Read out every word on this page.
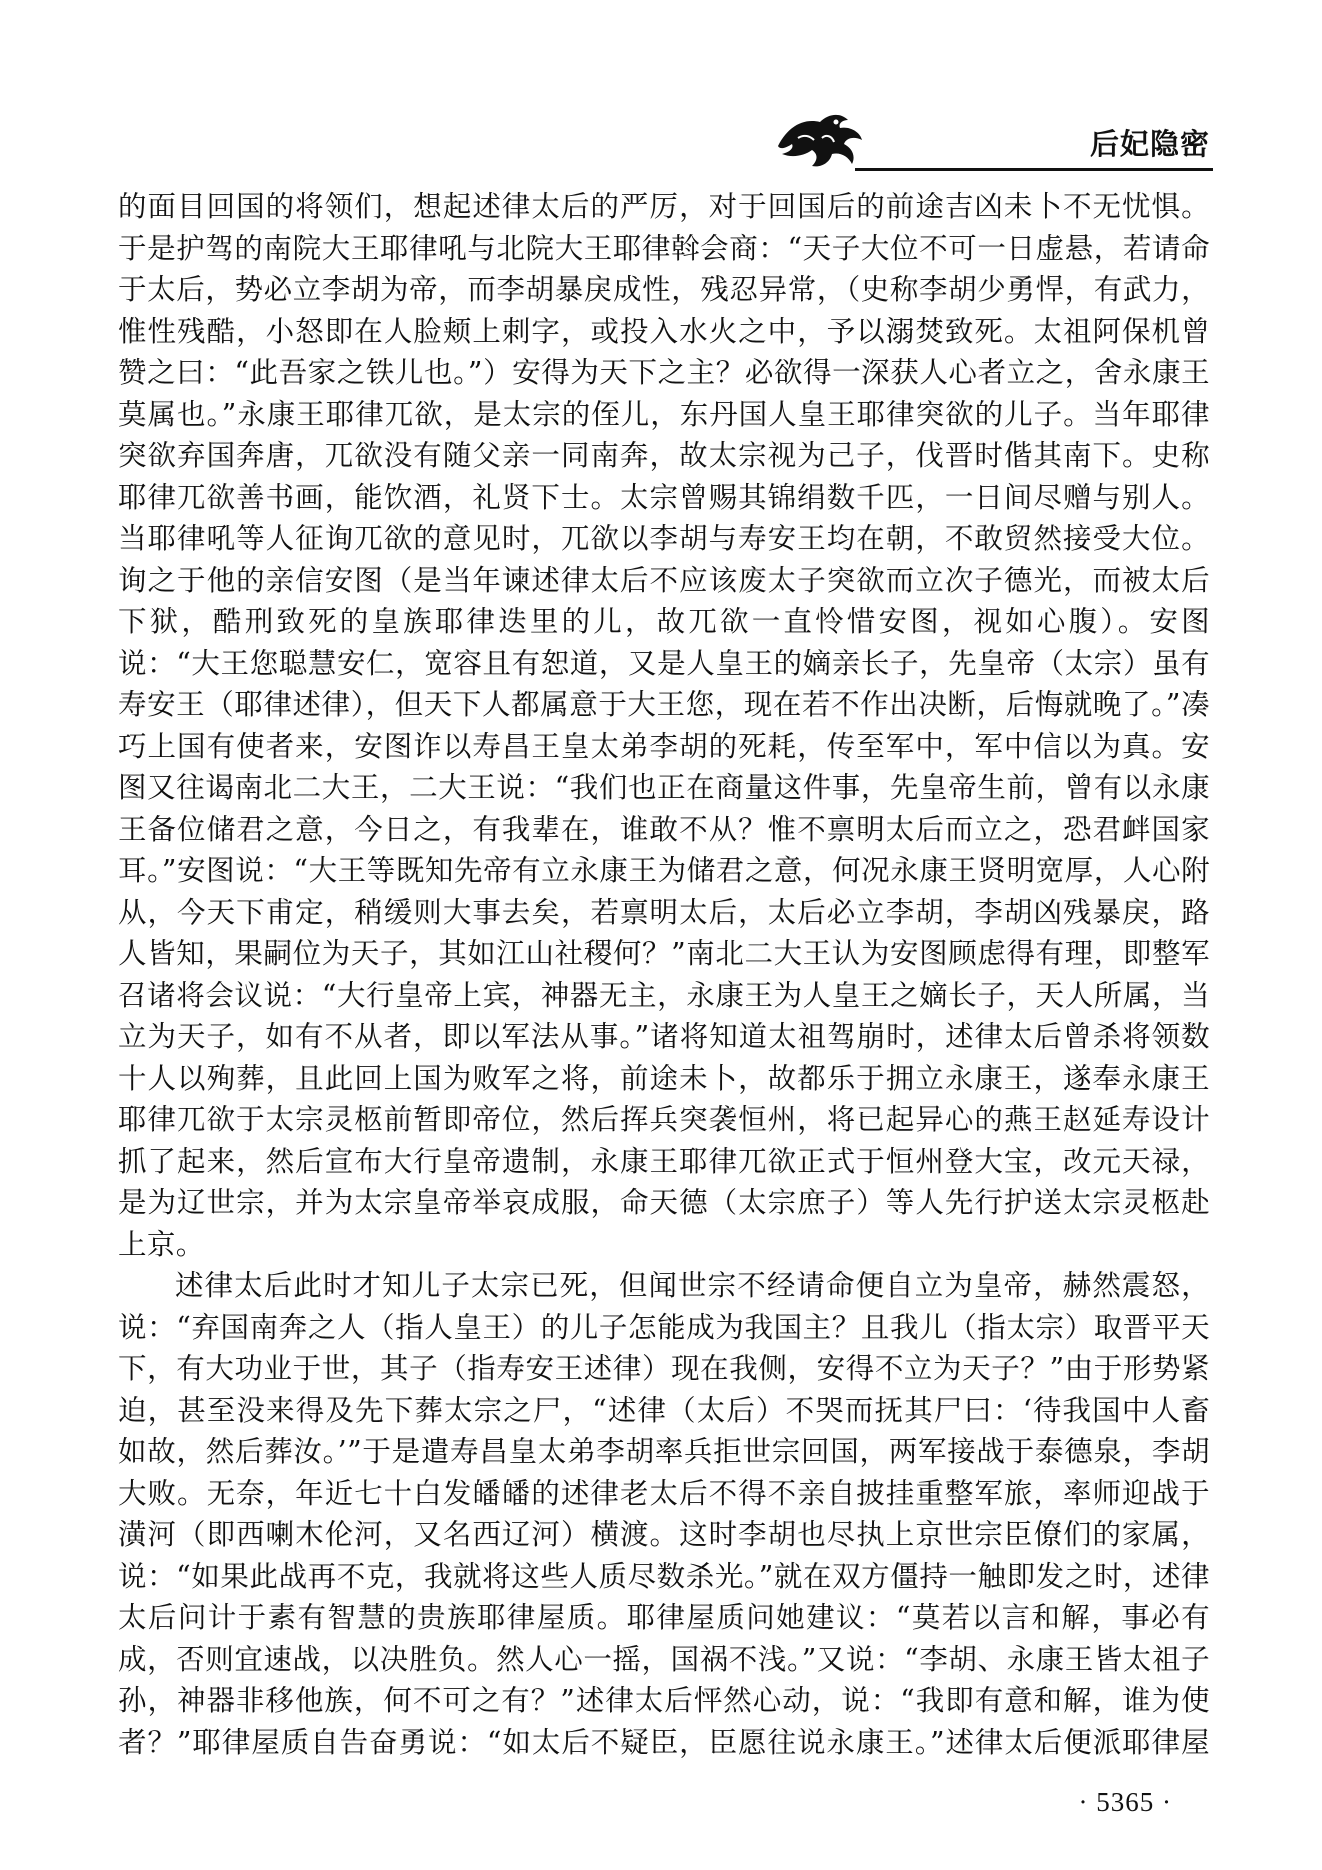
后妃隐密

的面目回国的将领们，想起述律太后的严厉，对于回国后的前途吉凶未卜不无忧惧。于是护驾的南院大王耶律吼与北院大王耶律斡会商：“天子大位不可一日虚悬，若请命于太后，势必立李胡为帝，而李胡暴戾成性，残忍异常，（史称李胡少勇悍，有武力，惟性残酷，小怒即在人脸颊上刺字，或投入水火之中，予以溺焚致死。太祖阿保机曾赞之曰：“此吾家之铁儿也。”）安得为天下之主？必欲得一深获人心者立之，舍永康王莫属也。”永康王耶律兀欲，是太宗的侄儿，东丹国人皇王耶律突欲的儿子。当年耶律突欲弃国奔唐，兀欲没有随父亲一同南奔，故太宗视为己子，伐晋时偕其南下。史称耶律兀欲善书画，能饮酒，礼贤下士。太宗曾赐其锦绢数千匹，一日间尽赠与别人。当耶律吼等人征询兀欲的意见时，兀欲以李胡与寿安王均在朝，不敢贸然接受大位。询之于他的亲信安图（是当年谏述律太后不应该废太子突欲而立次子德光，而被太后下狱，酷刑致死的皇族耶律迭里的儿，故兀欲一直怜惜安图，视如心腹）。安图说：“大王您聪慧安仁，宽容且有恕道，又是人皇王的嫡亲长子，先皇帝（太宗）虽有寿安王（耶律述律），但天下人都属意于大王您，现在若不作出决断，后悔就晚了。”凑巧上国有使者来，安图诈以寿昌王皇太弟李胡的死耗，传至军中，军中信以为真。安图又往谒南北二大王，二大王说：“我们也正在商量这件事，先皇帝生前，曾有以永康王备位储君之意，今日之，有我辈在，谁敢不从？惟不禀明太后而立之，恐君衅国家耳。”安图说：“大王等既知先帝有立永康王为储君之意，何况永康王贤明宽厚，人心附从，今天下甫定，稍缓则大事去矣，若禀明太后，太后必立李胡，李胡凶残暴戾，路人皆知，果嗣位为天子，其如江山社稷何？”南北二大王认为安图顾虑得有理，即整军召诸将会议说：“大行皇帝上宾，神器无主，永康王为人皇王之嫡长子，天人所属，当立为天子，如有不从者，即以军法从事。”诸将知道太祖驾崩时，述律太后曾杀将领数十人以殉葬，且此回上国为败军之将，前途未卜，故都乐于拥立永康王，遂奉永康王耶律兀欲于太宗灵柩前暂即帝位，然后挥兵突袭恒州，将已起异心的燕王赵延寿设计抓了起来，然后宣布大行皇帝遗制，永康王耶律兀欲正式于恒州登大宝，改元天禄，是为辽世宗，并为太宗皇帝举哀成服，命天德（太宗庶子）等人先行护送太宗灵柩赴上京。

述律太后此时才知儿子太宗已死，但闻世宗不经请命便自立为皇帝，赫然震怒，说：“弃国南奔之人（指人皇王）的儿子怎能成为我国主？且我儿（指太宗）取晋平天下，有大功业于世，其子（指寿安王述律）现在我侧，安得不立为天子？”由于形势紧迫，甚至没来得及先下葬太宗之尸，“述律（太后）不哭而抚其尸曰：‘待我国中人畜如故，然后葬汝。’”于是遣寿昌皇太弟李胡率兵拒世宗回国，两军接战于泰德泉，李胡大败。无奈，年近七十白发皤皤的述律老太后不得不亲自披挂重整军旅，率师迎战于潢河（即西喇木伦河，又名西辽河）横渡。这时李胡也尽执上京世宗臣僚们的家属，说：“如果此战再不克，我就将这些人质尽数杀光。”就在双方僵持一触即发之时，述律太后问计于素有智慧的贵族耶律屋质。耶律屋质问她建议：“莫若以言和解，事必有成，否则宜速战，以决胜负。然人心一摇，国祸不浅。”又说：“李胡、永康王皆太祖子孙，神器非移他族，何不可之有？”述律太后怦然心动，说：“我即有意和解，谁为使者？”耶律屋质自告奋勇说：“如太后不疑臣，臣愿往说永康王。”述律太后便派耶律屋

· 5365 ·
